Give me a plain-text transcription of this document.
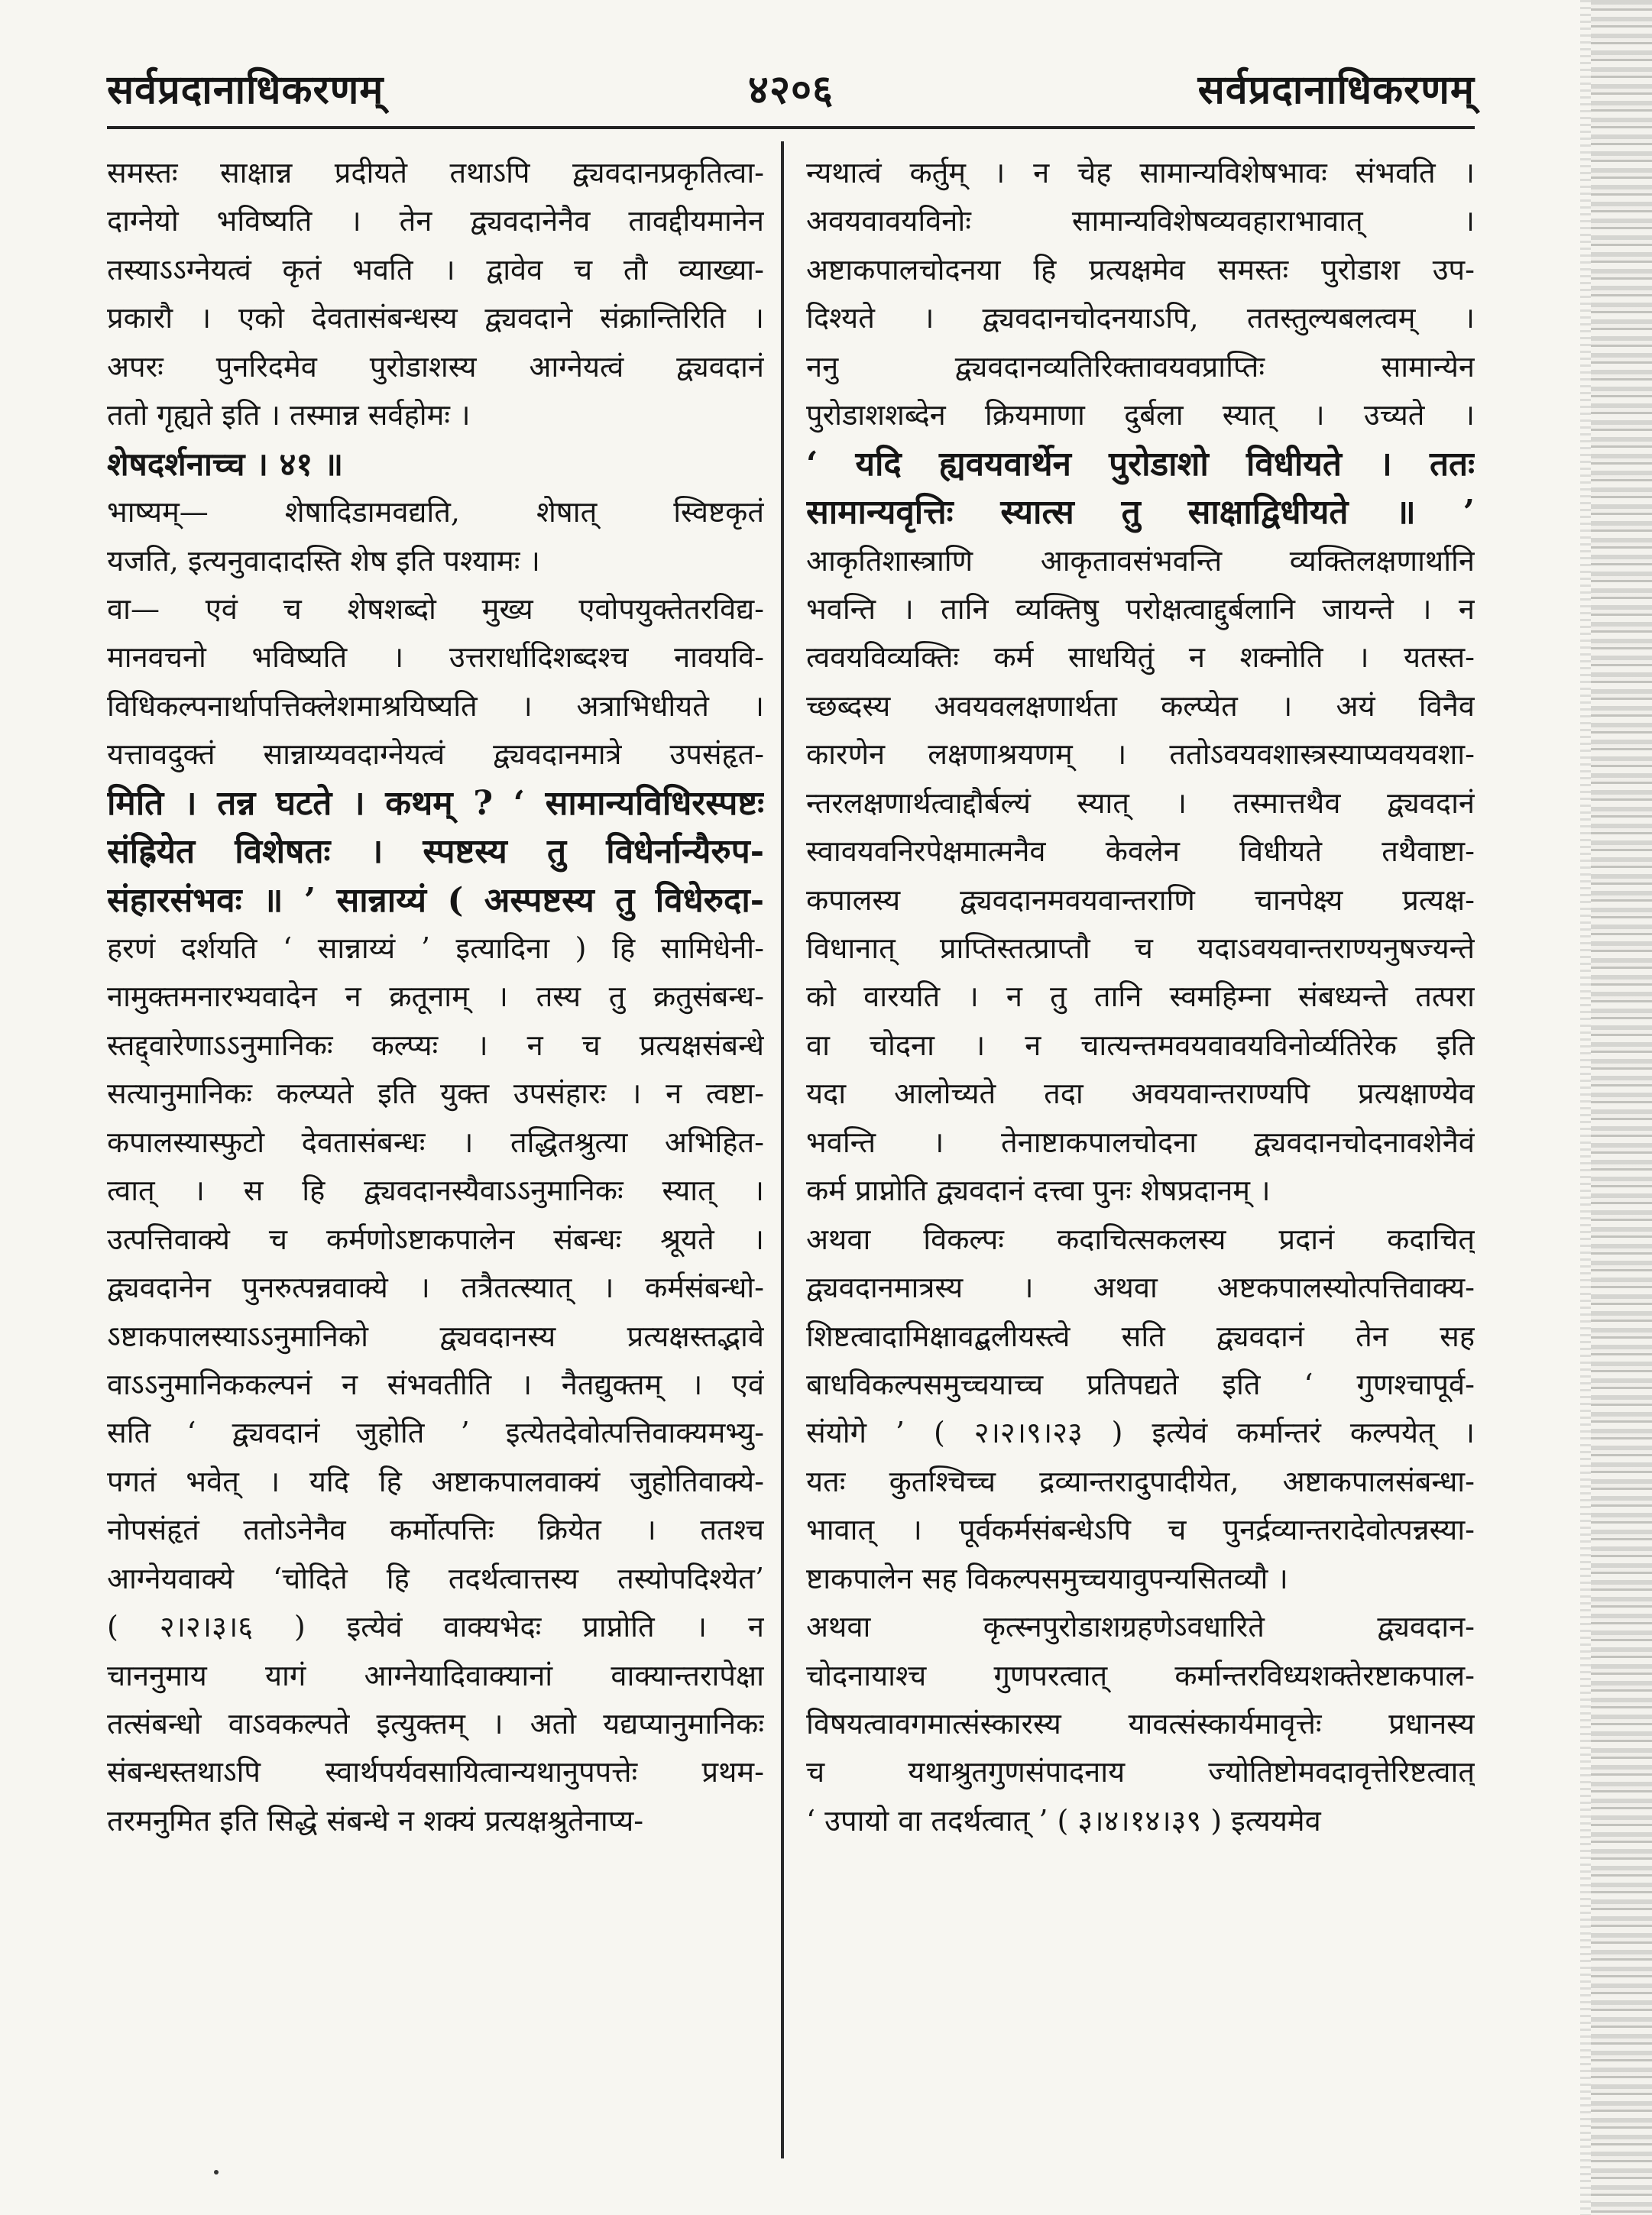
सर्वप्रदानाधिकरणम्	४२०६	सर्वप्रदानाधिकरणम्
समस्तः साक्षान्न प्रदीयते तथाऽपि द्व्यवदानप्रकृतित्वा-
दाग्नेयो भविष्यति । तेन द्व्यवदानेनैव तावद्दीयमानेन
तस्याऽऽग्नेयत्वं कृतं भवति । द्वावेव च तौ व्याख्या-
प्रकारौ । एको देवतासंबन्धस्य द्व्यवदाने संक्रान्तिरिति ।
अपरः पुनरिदमेव पुरोडाशस्य आग्नेयत्वं द्व्यवदानं
ततो गृह्यते इति । तस्मान्न सर्वहोमः ।
शेषदर्शनाच्च । ४१ ॥
भाष्यम्— शेषादिडामवद्यति, शेषात् स्विष्टकृतं
यजति, इत्यनुवादादस्ति शेष इति पश्यामः ।
वा— एवं च शेषशब्दो मुख्य एवोपयुक्तेतरविद्य-
मानवचनो भविष्यति । उत्तरार्धादिशब्दश्च नावयवि-
विधिकल्पनार्थापत्तिक्लेशमाश्रयिष्यति । अत्राभिधीयते ।
यत्तावदुक्तं सान्नाय्यवदाग्नेयत्वं द्व्यवदानमात्रे उपसंहृत-
मिति । तन्न घटते । कथम् ? ‘ सामान्यविधिरस्पष्टः
संह्रियेत विशेषतः । स्पष्टस्य तु विधेर्नान्यैरुप-
संहारसंभवः ॥ ’ सान्नाय्यं ( अस्पष्टस्य तु विधेरुदा-
हरणं दर्शयति ‘ सान्नाय्यं ’ इत्यादिना ) हि सामिधेनी-
नामुक्तमनारभ्यवादेन न क्रतूनाम् । तस्य तु क्रतुसंबन्ध-
स्तद्द्वारेणाऽऽनुमानिकः कल्प्यः । न च प्रत्यक्षसंबन्धे
सत्यानुमानिकः कल्प्यते इति युक्त उपसंहारः । न त्वष्टा-
कपालस्यास्फुटो देवतासंबन्धः । तद्धितश्रुत्या अभिहित-
त्वात् । स हि द्व्यवदानस्यैवाऽऽनुमानिकः स्यात् ।
उत्पत्तिवाक्ये च कर्मणोऽष्टाकपालेन संबन्धः श्रूयते ।
द्व्यवदानेन पुनरुत्पन्नवाक्ये । तत्रैतत्स्यात् । कर्मसंबन्धो-
ऽष्टाकपालस्याऽऽनुमानिको द्व्यवदानस्य प्रत्यक्षस्तद्भावे
वाऽऽनुमानिककल्पनं न संभवतीति । नैतद्युक्तम् । एवं
सति ‘ द्व्यवदानं जुहोति ’ इत्येतदेवोत्पत्तिवाक्यमभ्यु-
पगतं भवेत् । यदि हि अष्टाकपालवाक्यं जुहोतिवाक्ये-
नोपसंहृतं ततोऽनेनैव कर्मोत्पत्तिः क्रियेत । ततश्च
आग्नेयवाक्ये ‘चोदिते हि तदर्थत्वात्तस्य तस्योपदिश्येत’
( २।२।३।६ ) इत्येवं वाक्यभेदः प्राप्नोति । न
चाननुमाय यागं आग्नेयादिवाक्यानां वाक्यान्तरापेक्षा
तत्संबन्धो वाऽवकल्पते इत्युक्तम् । अतो यद्यप्यानुमानिकः
संबन्धस्तथाऽपि स्वार्थपर्यवसायित्वान्यथानुपपत्तेः प्रथम-
तरमनुमित इति सिद्धे संबन्धे न शक्यं प्रत्यक्षश्रुतेनाप्य-
न्यथात्वं कर्तुम् । न चेह सामान्यविशेषभावः संभवति ।
अवयवावयविनोः सामान्यविशेषव्यवहाराभावात् ।
अष्टाकपालचोदनया हि प्रत्यक्षमेव समस्तः पुरोडाश उप-
दिश्यते । द्व्यवदानचोदनयाऽपि, ततस्तुल्यबलत्वम् ।
ननु द्व्यवदानव्यतिरिक्तावयवप्राप्तिः सामान्येन
पुरोडाशशब्देन क्रियमाणा दुर्बला स्यात् । उच्यते ।
‘ यदि ह्यवयवार्थेन पुरोडाशो विधीयते । ततः
सामान्यवृत्तिः स्यात्स तु साक्षाद्विधीयते ॥ ’
आकृतिशास्त्राणि आकृतावसंभवन्ति व्यक्तिलक्षणार्थानि
भवन्ति । तानि व्यक्तिषु परोक्षत्वाद्दुर्बलानि जायन्ते । न
त्ववयविव्यक्तिः कर्म साधयितुं न शक्नोति । यतस्त-
च्छब्दस्य अवयवलक्षणार्थता कल्प्येत । अयं विनैव
कारणेन लक्षणाश्रयणम् । ततोऽवयवशास्त्रस्याप्यवयवशा-
न्तरलक्षणार्थत्वाद्दौर्बल्यं स्यात् । तस्मात्तथैव द्व्यवदानं
स्वावयवनिरपेक्षमात्मनैव केवलेन विधीयते तथैवाष्टा-
कपालस्य द्व्यवदानमवयवान्तराणि चानपेक्ष्य प्रत्यक्ष-
विधानात् प्राप्तिस्तत्प्राप्तौ च यदाऽवयवान्तराण्यनुषज्यन्ते
को वारयति । न तु तानि स्वमहिम्ना संबध्यन्ते तत्परा
वा चोदना । न चात्यन्तमवयवावयविनोर्व्यतिरेक इति
यदा आलोच्यते तदा अवयवान्तराण्यपि प्रत्यक्षाण्येव
भवन्ति । तेनाष्टाकपालचोदना द्व्यवदानचोदनावशेनैवं
कर्म प्राप्नोति द्व्यवदानं दत्त्वा पुनः शेषप्रदानम् ।
अथवा विकल्पः कदाचित्सकलस्य प्रदानं कदाचित्
द्व्यवदानमात्रस्य । अथवा अष्टकपालस्योत्पत्तिवाक्य-
शिष्टत्वादामिक्षावद्बलीयस्त्वे सति द्व्यवदानं तेन सह
बाधविकल्पसमुच्चयाच्च प्रतिपद्यते इति ‘ गुणश्चापूर्व-
संयोगे ’ ( २।२।९।२३ ) इत्येवं कर्मान्तरं कल्पयेत् ।
यतः कुतश्चिच्च द्रव्यान्तरादुपादीयेत, अष्टाकपालसंबन्धा-
भावात् । पूर्वकर्मसंबन्धेऽपि च पुनर्द्रव्यान्तरादेवोत्पन्नस्या-
ष्टाकपालेन सह विकल्पसमुच्चयावुपन्यसितव्यौ ।
अथवा कृत्स्नपुरोडाशग्रहणेऽवधारिते द्व्यवदान-
चोदनायाश्च गुणपरत्वात् कर्मान्तरविध्यशक्तेरष्टाकपाल-
विषयत्वावगमात्संस्कारस्य यावत्संस्कार्यमावृत्तेः प्रधानस्य
च यथाश्रुतगुणसंपादनाय ज्योतिष्टोमवदावृत्तेरिष्टत्वात्
‘ उपायो वा तदर्थत्वात् ’ ( ३।४।१४।३९ ) इत्ययमेव
